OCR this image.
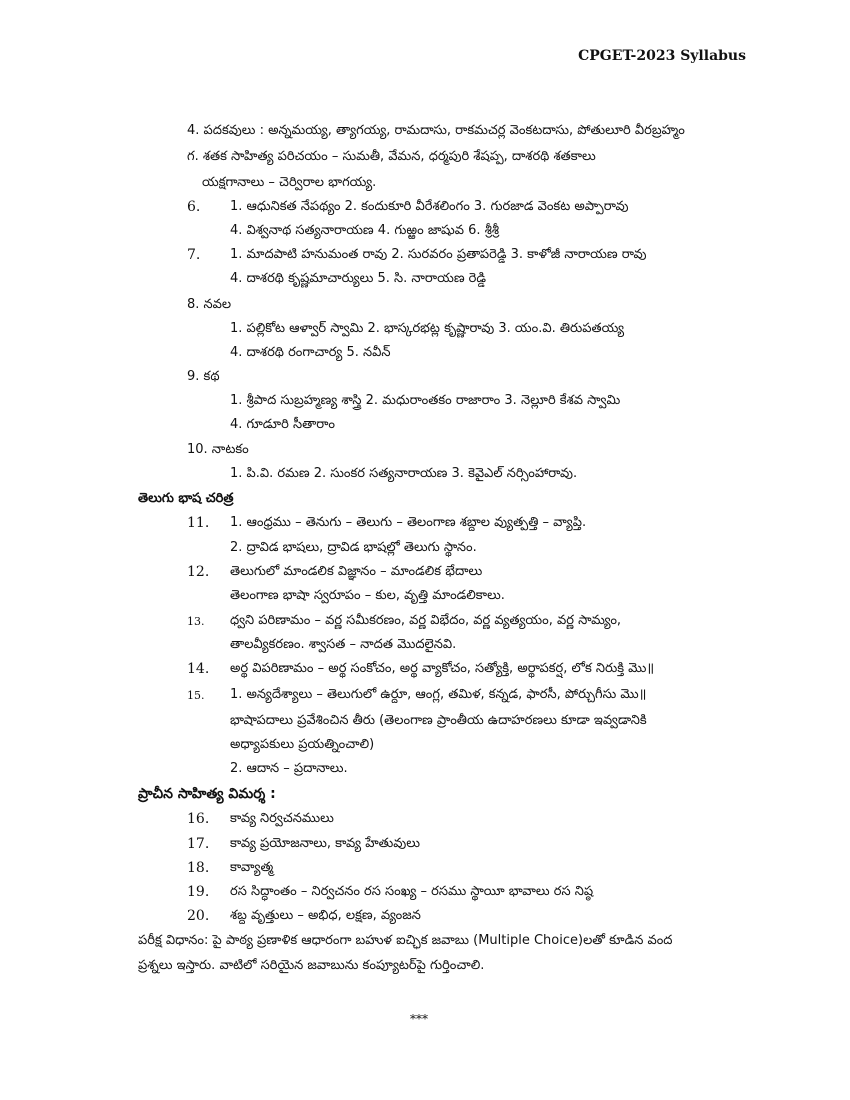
CPGET-2023 Syllabus
4. పదకవులు : అన్నమయ్య, త్యాగయ్య, రామదాసు, రాకమచర్ల వెంకటదాసు, పోతులూరి వీరబ్రహ్మం
గ. శతక సాహిత్య పరిచయం – సుమతీ, వేమన, ధర్మపురి శేషప్ప, దాశరథి శతకాలు
యక్షగానాలు – చెర్విరాల భాగయ్య.
6. 1. ఆధునికత నేపథ్యం 2. కందుకూరి వీరేశలింగం 3. గురజాడ వెంకట అప్పారావు
4. విశ్వనాథ సత్యనారాయణ 4. గుఱ్ఱం జాషువ 6. శ్రీశ్రీ
7. 1. మాదపాటి హనుమంత రావు 2. సురవరం ప్రతాపరెడ్డి 3. కాళోజీ నారాయణ రావు
4. దాశరథి కృష్ణమాచార్యులు 5. సి. నారాయణ రెడ్డి
8. నవల
1. పల్లికోట ఆళ్వార్ స్వామి 2. భాస్కరభట్ల కృష్ణారావు 3. యం.వి. తిరుపతయ్య
4. దాశరథి రంగాచార్య 5. నవీన్
9. కథ
1. శ్రీపాద సుబ్రహ్మణ్య శాస్త్రి 2. మధురాంతకం రాజారాం 3. నెల్లూరి కేశవ స్వామి
4. గూడూరి సీతారాం
10. నాటకం
1. పి.వి. రమణ 2. సుంకర సత్యనారాయణ 3. కెవైఎల్ నర్సింహారావు.
తెలుగు భాష చరిత్ర
11. 1. ఆంధ్రము – తెనుగు – తెలుగు – తెలంగాణ శబ్దాల వ్యుత్పత్తి – వ్యాప్తి.
2. ద్రావిడ భాషలు, ద్రావిడ భాషల్లో తెలుగు స్థానం.
12. తెలుగులో మాండలిక విజ్ఞానం – మాండలిక భేదాలు
తెలంగాణ భాషా స్వరూపం – కుల, వృత్తి మాండలికాలు.
13. ధ్వని పరిణామం – వర్ణ సమీకరణం, వర్ణ విభేదం, వర్ణ వ్యత్యయం, వర్ణ సామ్యం,
తాలవ్యీకరణం. శ్వాసత – నాదత మొదలైనవి.
14. అర్థ విపరిణామం – అర్థ సంకోచం, అర్థ వ్యాకోచం, సత్యోక్తి, అర్థాపకర్ష, లోక నిరుక్తి మొ॥
15. 1. అన్యదేశ్యాలు – తెలుగులో ఉర్దూ, ఆంగ్ల, తమిళ, కన్నడ, ఫారసీ, పోర్చుగీసు మొ॥
భాషాపదాలు ప్రవేశించిన తీరు (తెలంగాణ ప్రాంతీయ ఉదాహరణలు కూడా ఇవ్వడానికి
అధ్యాపకులు ప్రయత్నించాలి)
2. ఆదాన – ప్రదానాలు.
ప్రాచీన సాహిత్య విమర్శ :
16. కావ్య నిర్వచనములు
17. కావ్య ప్రయోజనాలు, కావ్య హేతువులు
18. కావ్యాత్మ
19. రస సిద్ధాంతం – నిర్వచనం రస సంఖ్య – రసము స్థాయీ భావాలు రస నిష్ఠ
20. శబ్ద వృత్తులు – అభిధ, లక్షణ, వ్యంజన
పరీక్ష విధానం: పై పాఠ్య ప్రణాళిక ఆధారంగా బహుళ ఐచ్ఛిక జవాబు (Multiple Choice)లతో కూడిన వంద
ప్రశ్నలు ఇస్తారు. వాటిలో సరియైన జవాబును కంప్యూటర్‌పై గుర్తించాలి.
***
